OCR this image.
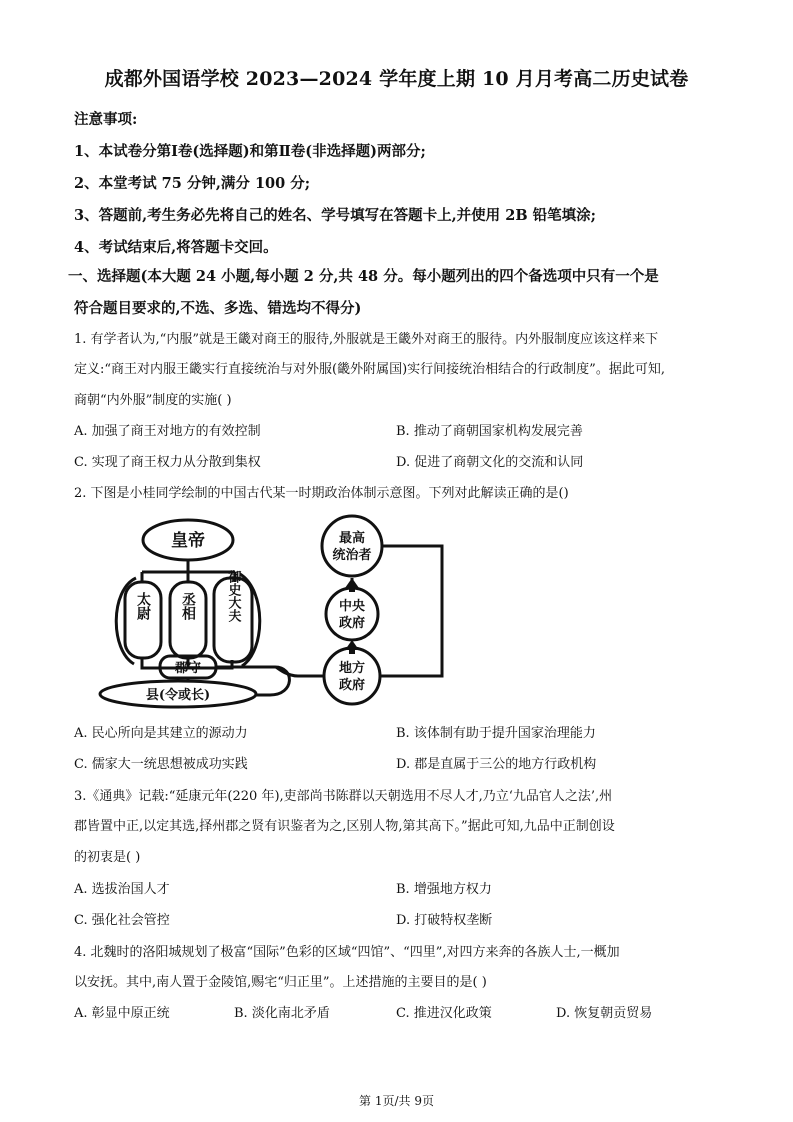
成都外国语学校 2023—2024 学年度上期 10 月月考高二历史试卷
注意事项:
1、本试卷分第Ⅰ卷(选择题)和第Ⅱ卷(非选择题)两部分;
2、本堂考试 75 分钟,满分 100 分;
3、答题前,考生务必先将自己的姓名、学号填写在答题卡上,并使用 2B 铅笔填涂;
4、考试结束后,将答题卡交回。
一、选择题(本大题 24 小题,每小题 2 分,共 48 分。每小题列出的四个备选项中只有一个是
符合题目要求的,不选、多选、错选均不得分)
1. 有学者认为,“内服”就是王畿对商王的服待,外服就是王畿外对商王的服待。内外服制度应该这样来下
定义:“商王对内服王畿实行直接统治与对外服(畿外附属国)实行间接统治相结合的行政制度”。据此可知,
商朝“内外服”制度的实施( )
A. 加强了商王对地方的有效控制	B. 推动了商朝国家机构发展完善
C. 实现了商王权力从分散到集权	D. 促进了商朝文化的交流和认同
2. 下图是小桂同学绘制的中国古代某一时期政治体制示意图。下列对此解读正确的是()
皇帝
太尉 丞相 御史大夫
郡守
县(令或长)
最高
统治者
中央
政府
地方
政府
A. 民心所向是其建立的源动力	B. 该体制有助于提升国家治理能力
C. 儒家大一统思想被成功实践	D. 郡是直属于三公的地方行政机构
3.《通典》记载:“延康元年(220 年),吏部尚书陈群以天朝选用不尽人才,乃立‘九品官人之法’,州
郡皆置中正,以定其选,择州郡之贤有识鉴者为之,区别人物,第其高下。”据此可知,九品中正制创设
的初衷是( )
A. 选拔治国人才	B. 增强地方权力
C. 强化社会管控	D. 打破特权垄断
4. 北魏时的洛阳城规划了极富“国际”色彩的区域“四馆”、“四里”,对四方来奔的各族人士,一概加
以安抚。其中,南人置于金陵馆,赐宅“归正里”。上述措施的主要目的是( )
A. 彰显中原正统	B. 淡化南北矛盾	C. 推进汉化政策	D. 恢复朝贡贸易
第 1页/共 9页
